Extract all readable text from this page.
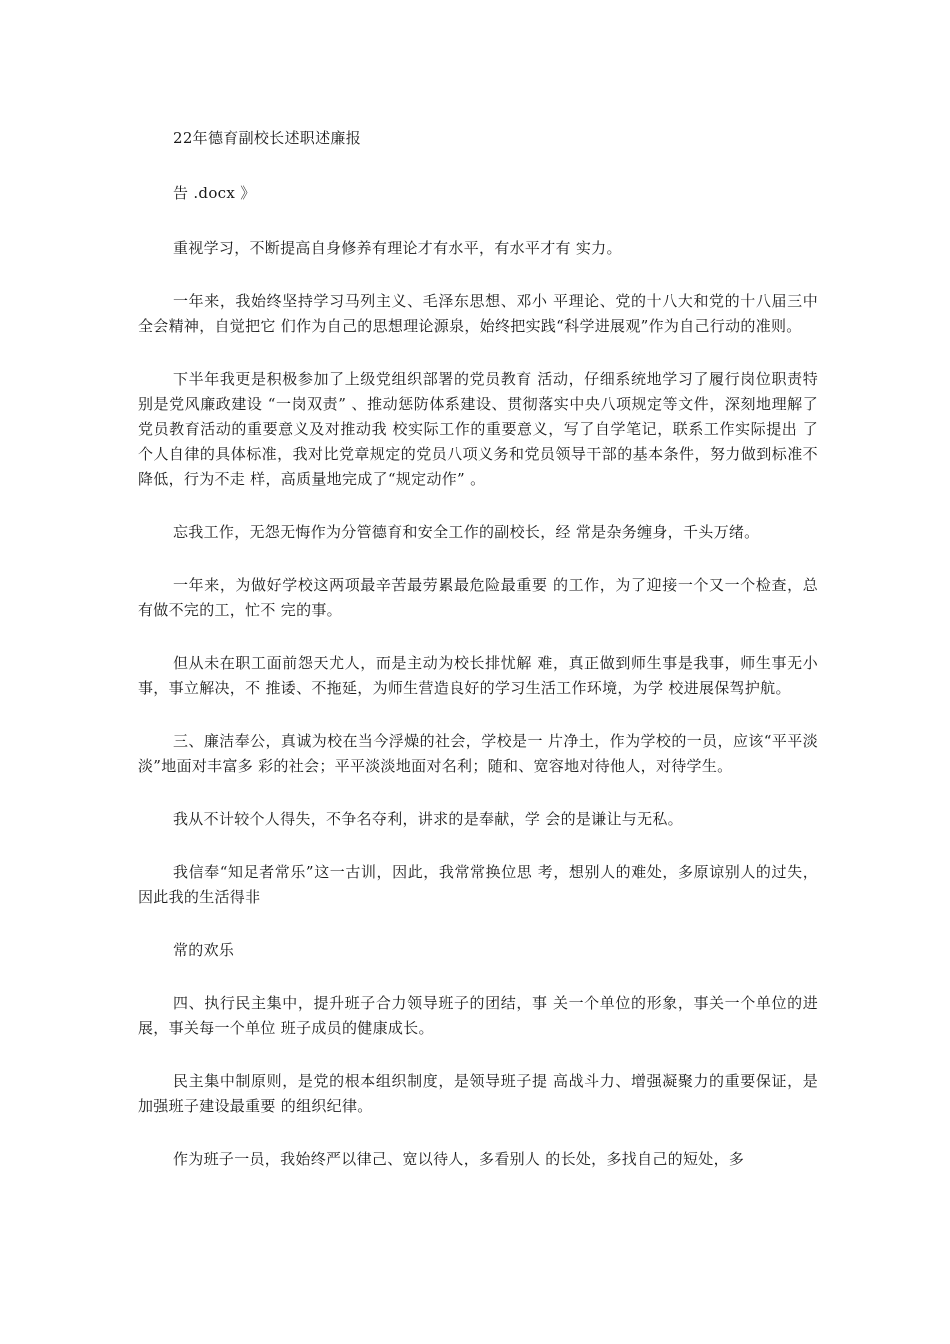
22年德育副校长述职述廉报

告 .docx 》

重视学习，不断提高自身修养有理论才有水平，有水平才有 实力。

一年来，我始终坚持学习马列主义、毛泽东思想、邓小 平理论、党的十八大和党的十八届三中全会精神，自觉把它 们作为自己的思想理论源泉，始终把实践“科学进展观”作为自己行动的准则。

下半年我更是积极参加了上级党组织部署的党员教育 活动，仔细系统地学习了履行岗位职责特别是党风廉政建设 “一岗双责” 、推动惩防体系建设、贯彻落实中央八项规定等文件，深刻地理解了党员教育活动的重要意义及对推动我 校实际工作的重要意义，写了自学笔记，联系工作实际提出 了个人自律的具体标准，我对比党章规定的党员八项义务和党员领导干部的基本条件，努力做到标准不降低，行为不走 样，高质量地完成了“规定动作” 。

忘我工作，无怨无悔作为分管德育和安全工作的副校长，经 常是杂务缠身，千头万绪。

一年来，为做好学校这两项最辛苦最劳累最危险最重要 的工作，为了迎接一个又一个检查，总有做不完的工，忙不 完的事。

但从未在职工面前怨天尤人，而是主动为校长排忧解 难，真正做到师生事是我事，师生事无小事，事立解决，不 推诿、不拖延，为师生营造良好的学习生活工作环境，为学 校进展保驾护航。

三、廉洁奉公，真诚为校在当今浮燥的社会，学校是一 片净土，作为学校的一员，应该“平平淡淡”地面对丰富多 彩的社会；平平淡淡地面对名利；随和、宽容地对待他人，对待学生。

我从不计较个人得失，不争名夺利，讲求的是奉献，学 会的是谦让与无私。

我信奉“知足者常乐”这一古训，因此，我常常换位思 考，想别人的难处，多原谅别人的过失，因此我的生活得非

常的欢乐

四、执行民主集中，提升班子合力领导班子的团结，事 关一个单位的形象，事关一个单位的进展，事关每一个单位 班子成员的健康成长。

民主集中制原则，是党的根本组织制度，是领导班子提 高战斗力、增强凝聚力的重要保证，是加强班子建设最重要 的组织纪律。

作为班子一员，我始终严以律己、宽以待人，多看别人 的长处，多找自己的短处，多
